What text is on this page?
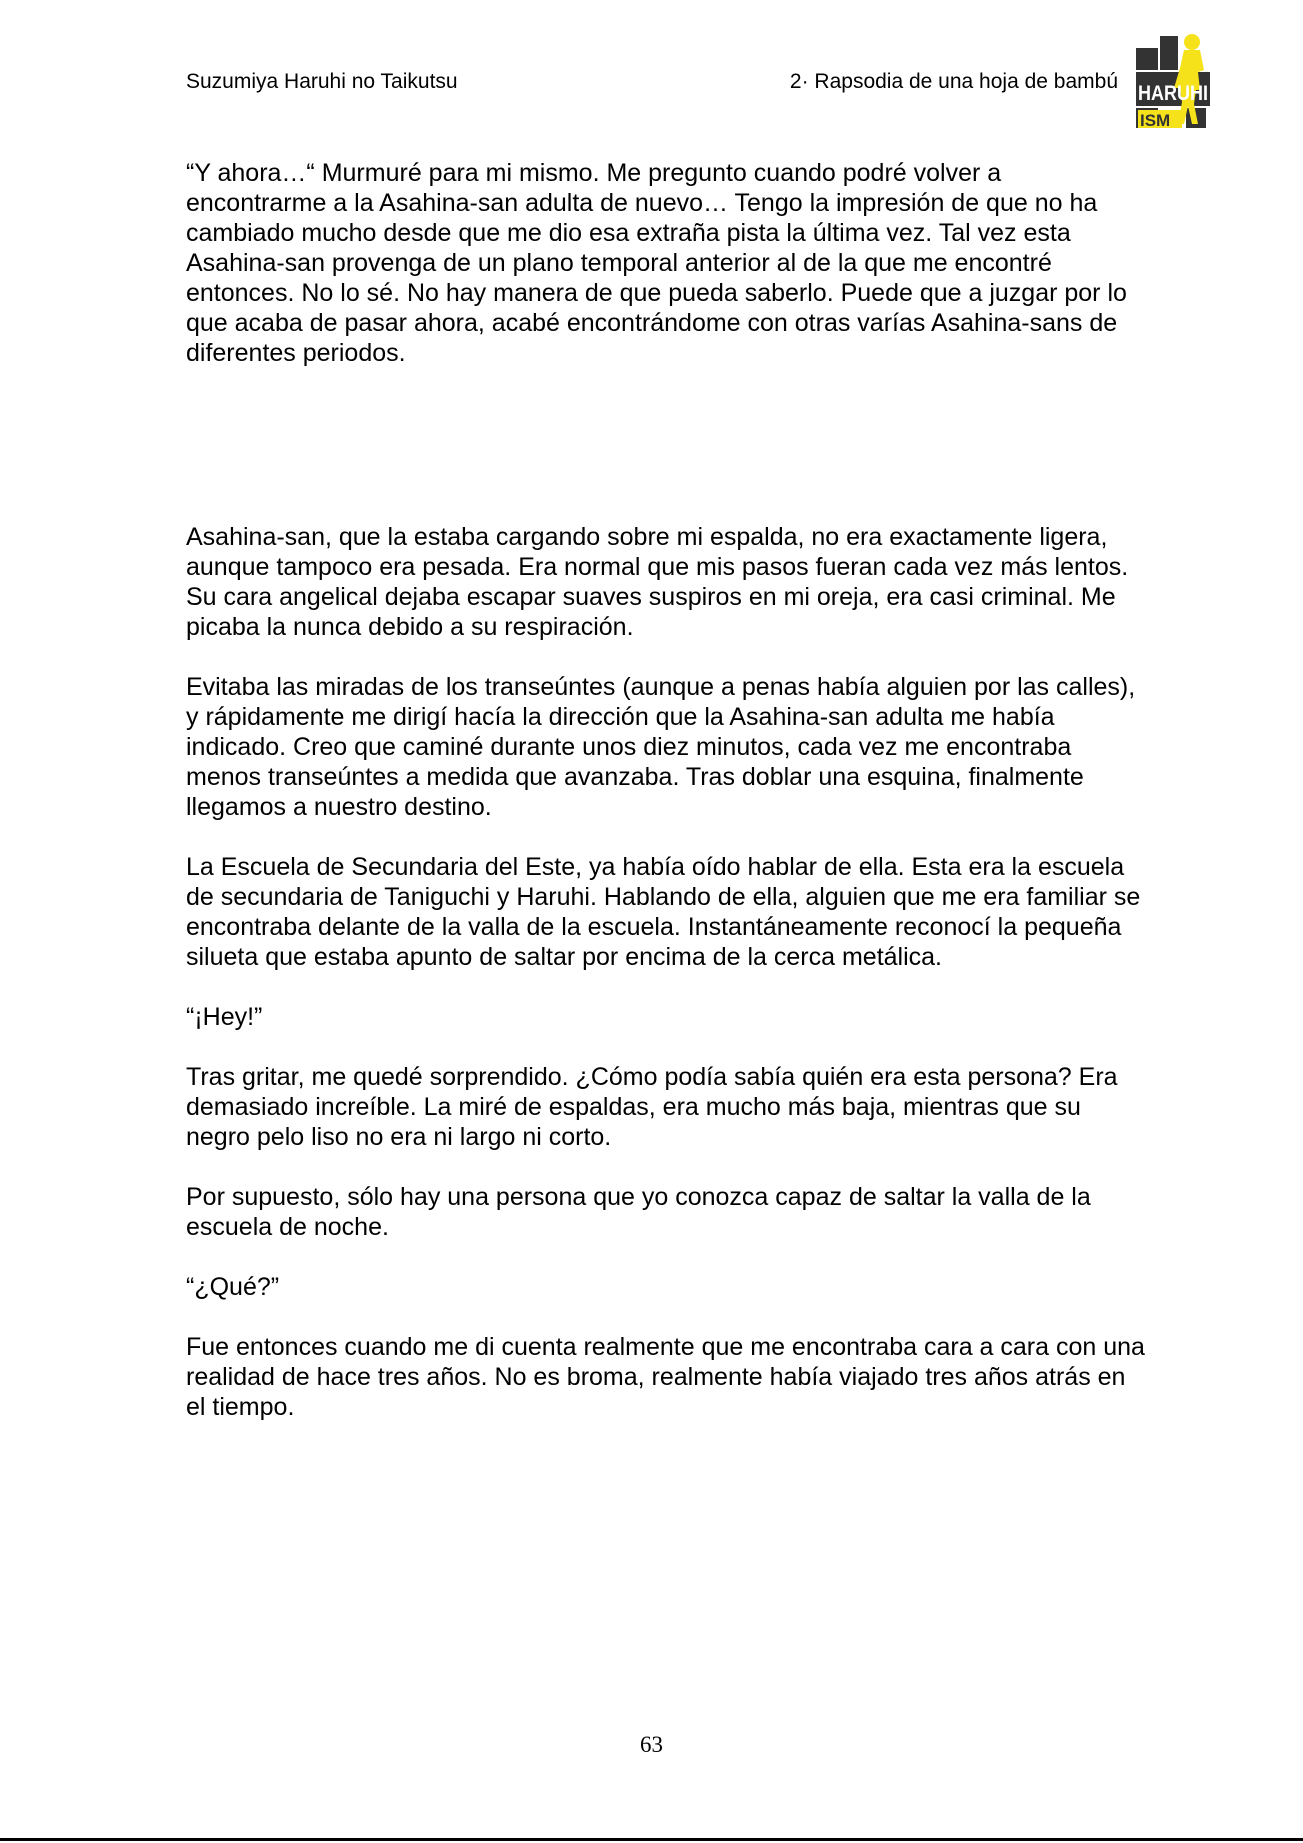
Suzumiya Haruhi no Taikutsu	2· Rapsodia de una hoja de bambú
HARUHI
ISM

“Y ahora…“ Murmuré para mi mismo. Me pregunto cuando podré volver a encontrarme a la Asahina-san adulta de nuevo… Tengo la impresión de que no ha cambiado mucho desde que me dio esa extraña pista la última vez. Tal vez esta Asahina-san provenga de un plano temporal anterior al de la que me encontré entonces. No lo sé. No hay manera de que pueda saberlo. Puede que a juzgar por lo que acaba de pasar ahora, acabé encontrándome con otras varías Asahina-sans de diferentes periodos.

Asahina-san, que la estaba cargando sobre mi espalda, no era exactamente ligera, aunque tampoco era pesada. Era normal que mis pasos fueran cada vez más lentos. Su cara angelical dejaba escapar suaves suspiros en mi oreja, era casi criminal. Me picaba la nunca debido a su respiración.

Evitaba las miradas de los transeúntes (aunque a penas había alguien por las calles), y rápidamente me dirigí hacía la dirección que la Asahina-san adulta me había indicado. Creo que caminé durante unos diez minutos, cada vez me encontraba menos transeúntes a medida que avanzaba. Tras doblar una esquina, finalmente llegamos a nuestro destino.

La Escuela de Secundaria del Este, ya había oído hablar de ella. Esta era la escuela de secundaria de Taniguchi y Haruhi. Hablando de ella, alguien que me era familiar se encontraba delante de la valla de la escuela. Instantáneamente reconocí la pequeña silueta que estaba apunto de saltar por encima de la cerca metálica.

“¡Hey!”

Tras gritar, me quedé sorprendido. ¿Cómo podía sabía quién era esta persona? Era demasiado increíble. La miré de espaldas, era mucho más baja, mientras que su negro pelo liso no era ni largo ni corto.

Por supuesto, sólo hay una persona que yo conozca capaz de saltar la valla de la escuela de noche.

“¿Qué?”

Fue entonces cuando me di cuenta realmente que me encontraba cara a cara con una realidad de hace tres años. No es broma, realmente había viajado tres años atrás en el tiempo.

63
